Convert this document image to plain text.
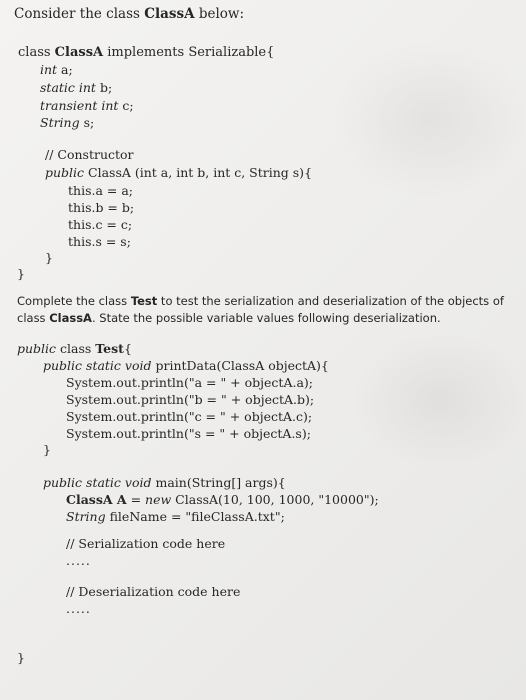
Consider the class ClassA below:
class ClassA implements Serializable{
int a;
static int b;
transient int c;
String s;
// Constructor
public ClassA (int a, int b, int c, String s){
this.a = a;
this.b = b;
this.c = c;
this.s = s;
}
}
Complete the class Test to test the serialization and deserialization of the objects of
class ClassA. State the possible variable values following deserialization.
public class Test{
public static void printData(ClassA objectA){
System.out.println("a = " + objectA.a);
System.out.println("b = " + objectA.b);
System.out.println("c = " + objectA.c);
System.out.println("s = " + objectA.s);
}
public static void main(String[] args){
ClassA A = new ClassA(10, 100, 1000, "10000");
String fileName = "fileClassA.txt";
// Serialization code here
.....
// Deserialization code here
.....
}
